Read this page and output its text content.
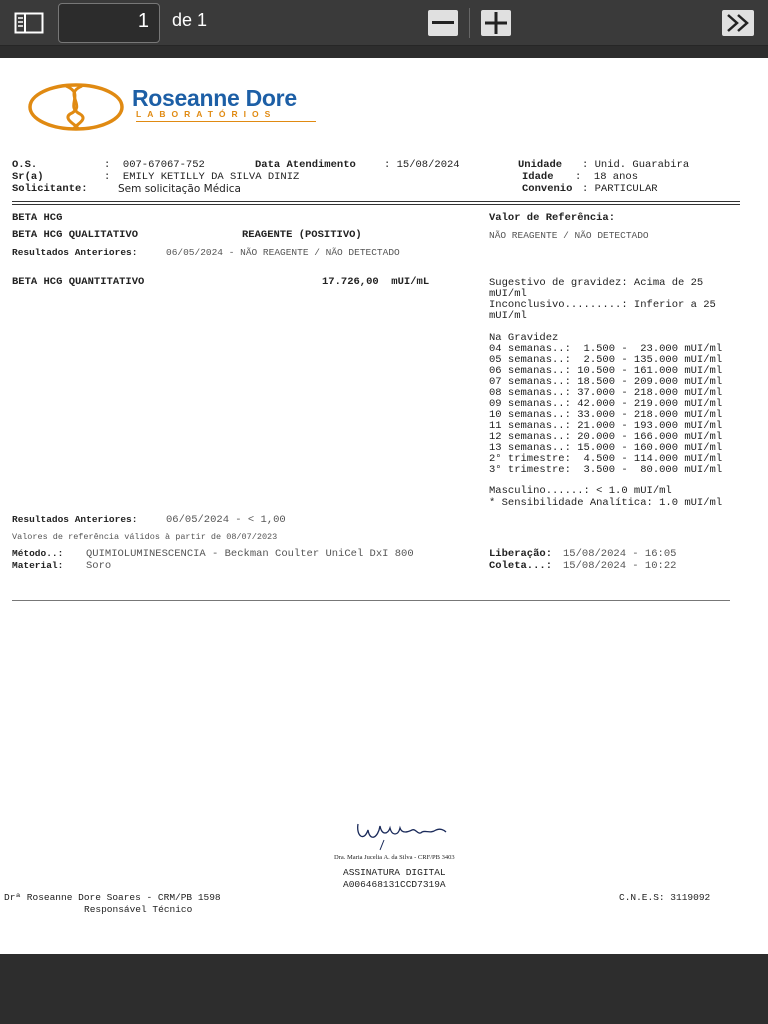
1	de 1
Roseanne Dore
LABORATÓRIOS
O.S.	:  007-67067-752	Data Atendimento	: 15/08/2024	Unidade : Unid. Guarabira
Sr(a)	:  EMILY KETILLY DA SILVA DINIZ	Idade :  18 anos
Solicitante:	Sem solicitação Médica	Convenio : PARTICULAR
BETA HCG	Valor de Referência:
BETA HCG QUALITATIVO	REAGENTE (POSITIVO)	NÃO REAGENTE / NÃO DETECTADO
Resultados Anteriores:	06/05/2024 - NÃO REAGENTE / NÃO DETECTADO
BETA HCG QUANTITATIVO	17.726,00  mUI/mL	Sugestivo de gravidez: Acima de 25
mUI/ml
Inconclusivo.........: Inferior a 25
mUI/ml
Na Gravidez
04 semanas..:  1.500 -  23.000 mUI/ml
05 semanas..:  2.500 - 135.000 mUI/ml
06 semanas..: 10.500 - 161.000 mUI/ml
07 semanas..: 18.500 - 209.000 mUI/ml
08 semanas..: 37.000 - 218.000 mUI/ml
09 semanas..: 42.000 - 219.000 mUI/ml
10 semanas..: 33.000 - 218.000 mUI/ml
11 semanas..: 21.000 - 193.000 mUI/ml
12 semanas..: 20.000 - 166.000 mUI/ml
13 semanas..: 15.000 - 160.000 mUI/ml
2° trimestre:  4.500 - 114.000 mUI/ml
3° trimestre:  3.500 -  80.000 mUI/ml
Masculino......: < 1.0 mUI/ml
* Sensibilidade Analítica: 1.0 mUI/ml
Resultados Anteriores:	06/05/2024 - < 1,00
Valores de referência válidos à partir de 08/07/2023
Método..: QUIMIOLUMINESCENCIA - Beckman Coulter UniCel DxI 800	Liberação: 15/08/2024 - 16:05
Material: Soro	Coleta...: 15/08/2024 - 10:22
Dra. Maria Jucelia A. da Silva - CRF/PB 3403
ASSINATURA DIGITAL
A006468131CCD7319A
Drª Roseanne Dore Soares - CRM/PB 1598
Responsável Técnico
C.N.E.S: 3119092
